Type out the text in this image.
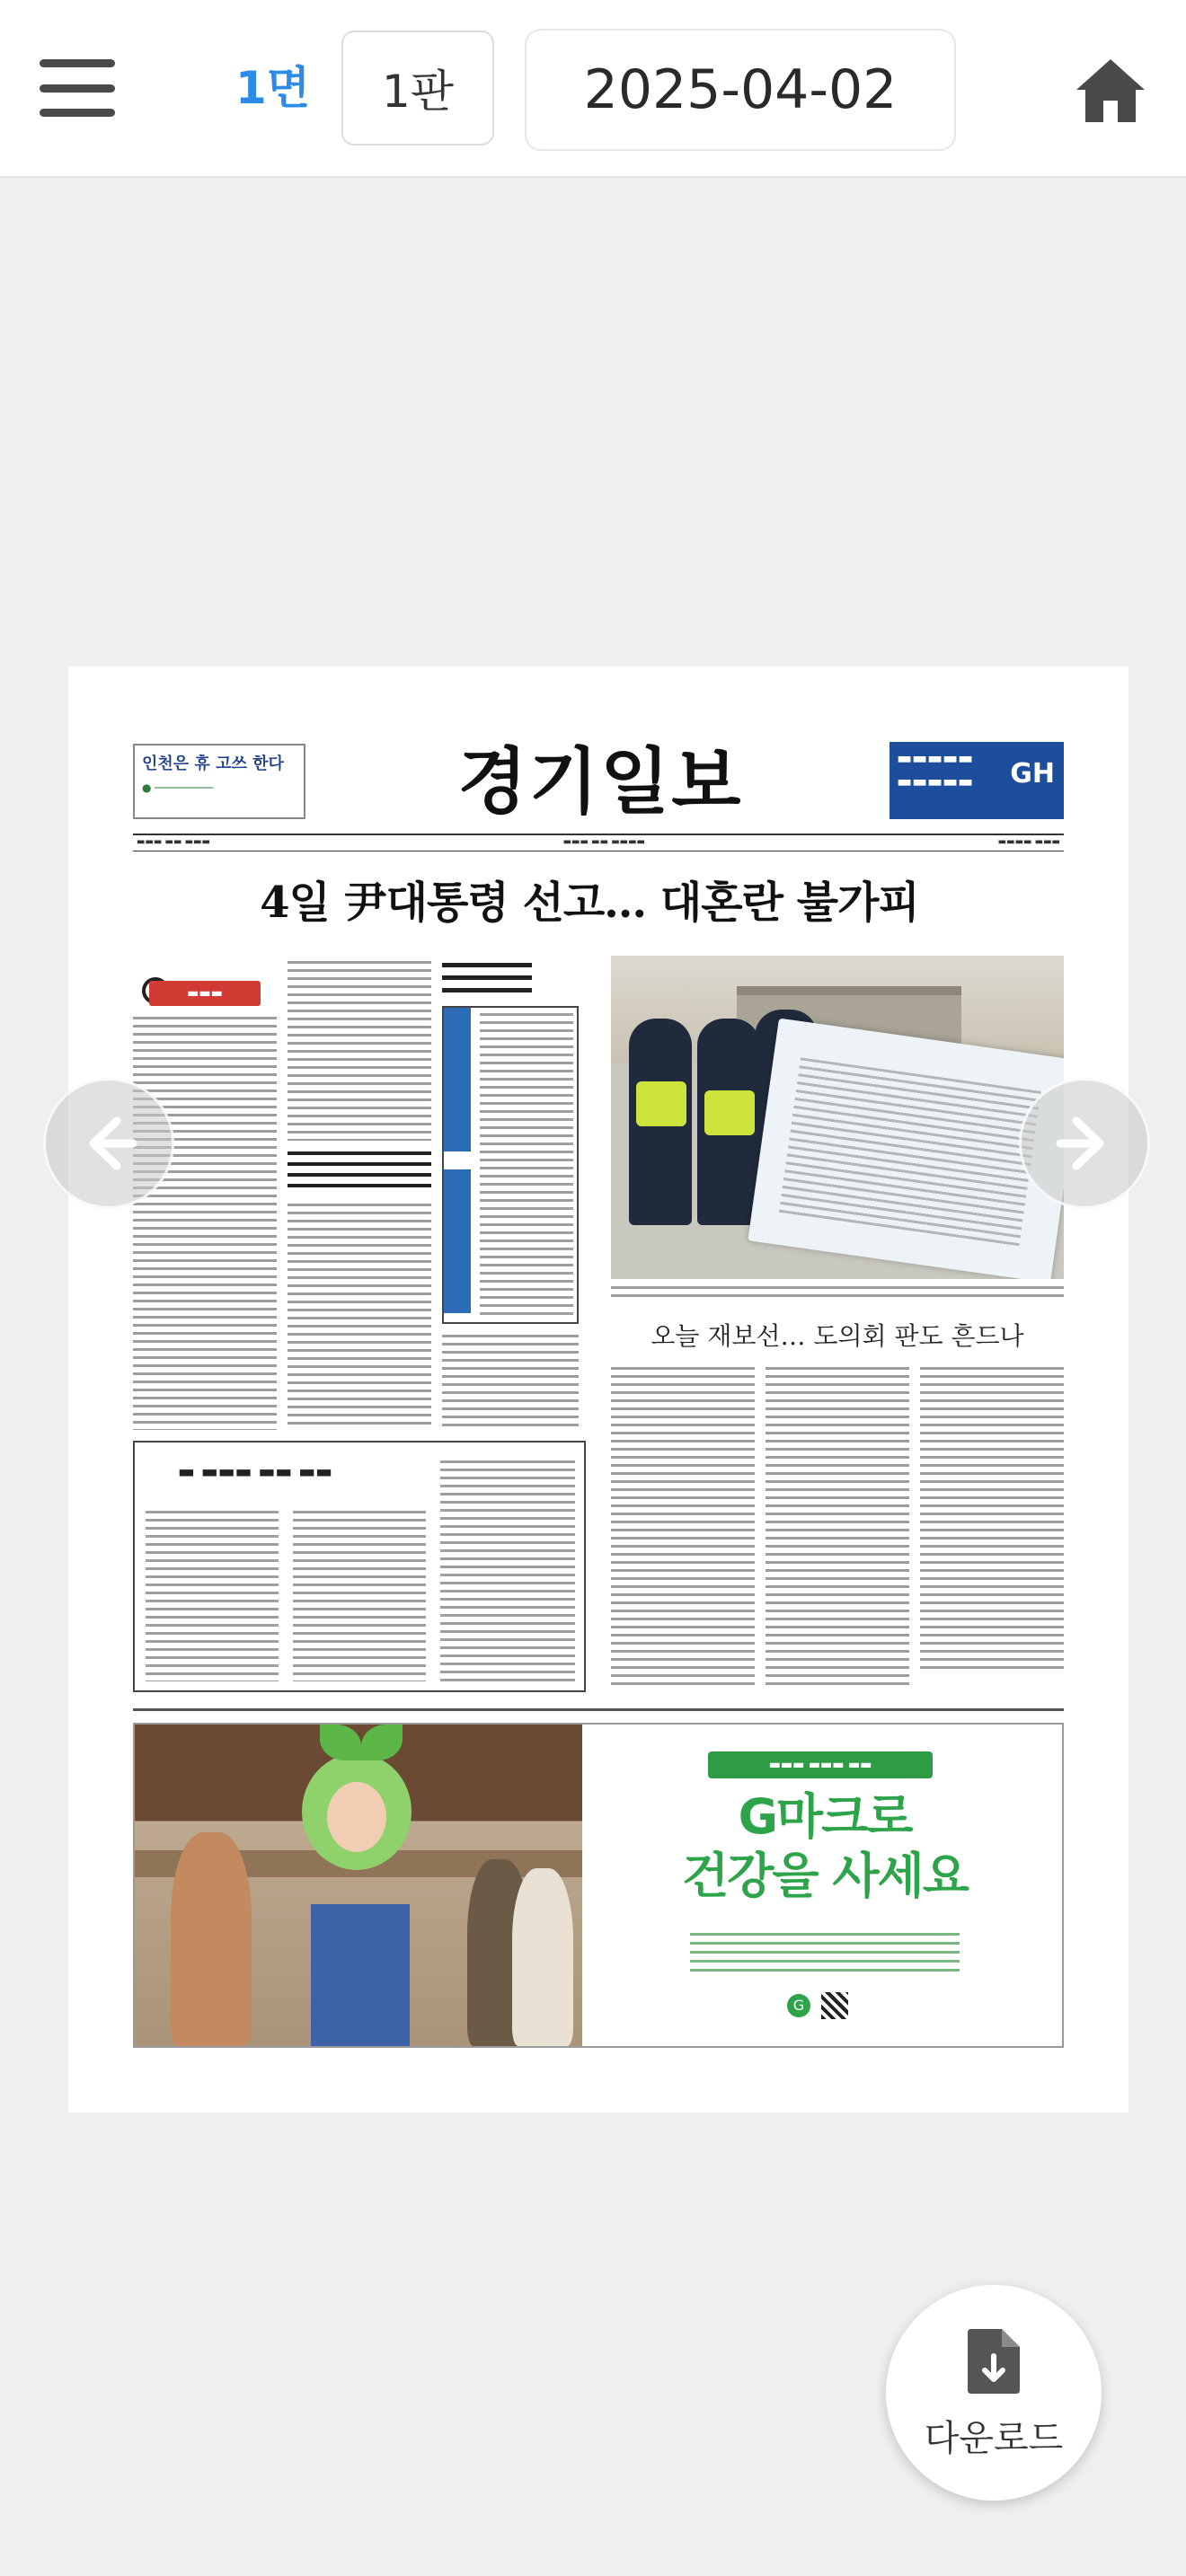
1면	1판	2025-04-02
인천은 휴 고쓰 한다
● ─────────	경기일보	▬▬▬▬▬
▬▬▬▬▬	GH
▬▬▬ ▬▬ ▬▬▬	▬▬▬ ▬▬ ▬▬▬▬	▬▬▬▬ ▬▬▬
4일 尹대통령 선고… 대혼란 불가피
▬▬▬
오늘 재보선… 도의회 판도 흔드나
▬ ▬▬▬ ▬▬ ▬▬
▬▬▬ ▬▬▬ ▬▬
G마크로
건강을 사세요
G
다운로드
